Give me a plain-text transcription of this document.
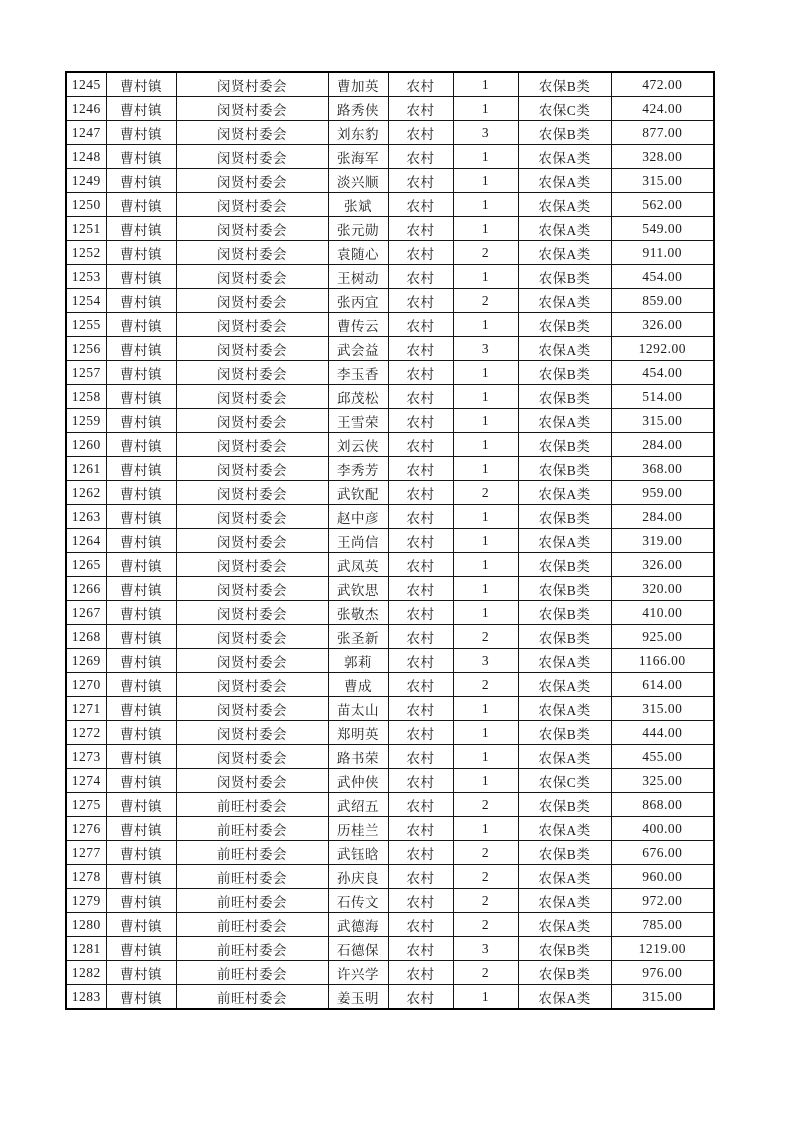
1245	曹村镇	闵贤村委会	曹加英	农村	1	农保B类	472.00
1246	曹村镇	闵贤村委会	路秀侠	农村	1	农保C类	424.00
1247	曹村镇	闵贤村委会	刘东豹	农村	3	农保B类	877.00
1248	曹村镇	闵贤村委会	张海军	农村	1	农保A类	328.00
1249	曹村镇	闵贤村委会	淡兴顺	农村	1	农保A类	315.00
1250	曹村镇	闵贤村委会	张斌	农村	1	农保A类	562.00
1251	曹村镇	闵贤村委会	张元勋	农村	1	农保A类	549.00
1252	曹村镇	闵贤村委会	袁随心	农村	2	农保A类	911.00
1253	曹村镇	闵贤村委会	王树动	农村	1	农保B类	454.00
1254	曹村镇	闵贤村委会	张丙宜	农村	2	农保A类	859.00
1255	曹村镇	闵贤村委会	曹传云	农村	1	农保B类	326.00
1256	曹村镇	闵贤村委会	武会益	农村	3	农保A类	1292.00
1257	曹村镇	闵贤村委会	李玉香	农村	1	农保B类	454.00
1258	曹村镇	闵贤村委会	邱茂松	农村	1	农保B类	514.00
1259	曹村镇	闵贤村委会	王雪荣	农村	1	农保A类	315.00
1260	曹村镇	闵贤村委会	刘云侠	农村	1	农保B类	284.00
1261	曹村镇	闵贤村委会	李秀芳	农村	1	农保B类	368.00
1262	曹村镇	闵贤村委会	武钦配	农村	2	农保A类	959.00
1263	曹村镇	闵贤村委会	赵中彦	农村	1	农保B类	284.00
1264	曹村镇	闵贤村委会	王尚信	农村	1	农保A类	319.00
1265	曹村镇	闵贤村委会	武凤英	农村	1	农保B类	326.00
1266	曹村镇	闵贤村委会	武钦思	农村	1	农保B类	320.00
1267	曹村镇	闵贤村委会	张敬杰	农村	1	农保B类	410.00
1268	曹村镇	闵贤村委会	张圣新	农村	2	农保B类	925.00
1269	曹村镇	闵贤村委会	郭莉	农村	3	农保A类	1166.00
1270	曹村镇	闵贤村委会	曹成	农村	2	农保A类	614.00
1271	曹村镇	闵贤村委会	苗太山	农村	1	农保A类	315.00
1272	曹村镇	闵贤村委会	郑明英	农村	1	农保B类	444.00
1273	曹村镇	闵贤村委会	路书荣	农村	1	农保A类	455.00
1274	曹村镇	闵贤村委会	武仲侠	农村	1	农保C类	325.00
1275	曹村镇	前旺村委会	武绍五	农村	2	农保B类	868.00
1276	曹村镇	前旺村委会	历桂兰	农村	1	农保A类	400.00
1277	曹村镇	前旺村委会	武钰晗	农村	2	农保B类	676.00
1278	曹村镇	前旺村委会	孙庆良	农村	2	农保A类	960.00
1279	曹村镇	前旺村委会	石传文	农村	2	农保A类	972.00
1280	曹村镇	前旺村委会	武德海	农村	2	农保A类	785.00
1281	曹村镇	前旺村委会	石德保	农村	3	农保B类	1219.00
1282	曹村镇	前旺村委会	许兴学	农村	2	农保B类	976.00
1283	曹村镇	前旺村委会	姜玉明	农村	1	农保A类	315.00
